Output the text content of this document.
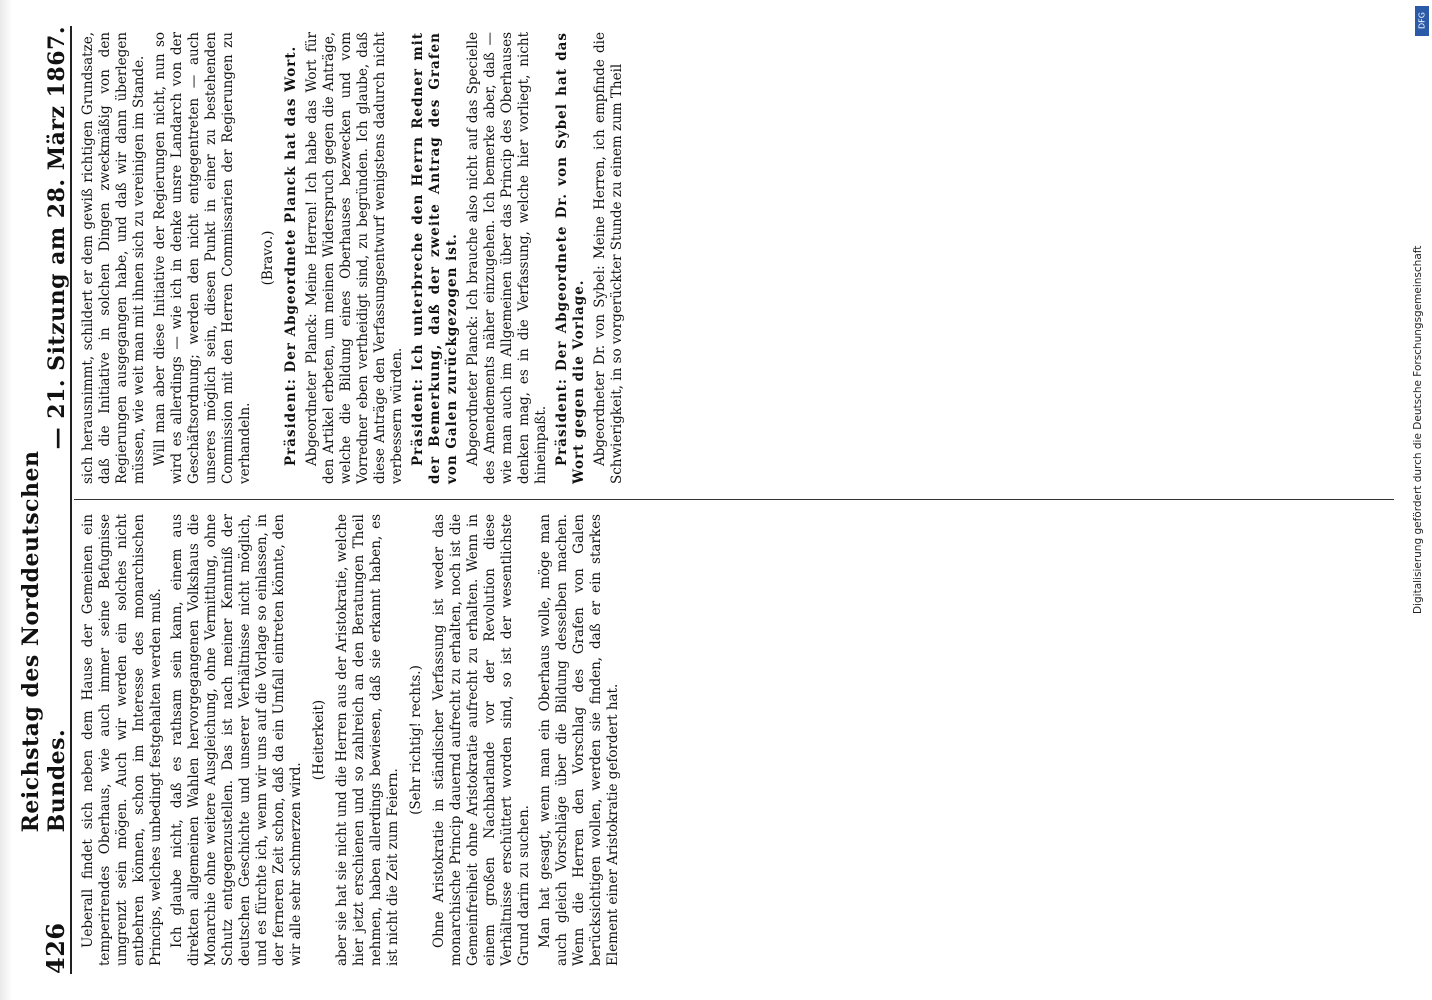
426
Reichstag des Norddeutschen Bundes.
— 21. Sitzung am 28. März 1867.

Ueberall findet sich neben dem Hause der Gemeinen ein temperirendes Oberhaus, wie auch immer seine Befugnisse umgrenzt sein mögen. Auch wir werden ein solches nicht entbehren können, schon im Interesse des monarchischen Princips, welches unbedingt festgehalten werden muß. Ich glaube nicht, daß es rathsam sein kann, einem aus direkten allgemeinen Wahlen hervorgegangenen Volkshaus die Monarchie ohne weitere Ausgleichung, ohne Vermittlung, ohne Schutz entgegenzustellen. Das ist nach meiner Kenntniß der deutschen Geschichte und unserer Verhältnisse nicht möglich, und es fürchte ich, wenn wir uns auf die Vorlage so einlassen, in der ferneren Zeit schon, daß da ein Umfall eintreten könnte, den wir alle sehr schmerzen wird.

(Heiterkeit) aber sie hat sie nicht und die Herren aus der Aristokratie, welche hier jetzt erschienen und so zahlreich an den Beratungen Theil nehmen, haben allerdings bewiesen, daß sie erkannt haben, es ist nicht die Zeit zum Feiern.

(Sehr richtig! rechts.) Ohne Aristokratie in ständischer Verfassung ist weder das monarchische Princip dauernd aufrecht zu erhalten, noch ist die Gemeinfreiheit ohne Aristokratie aufrecht zu erhalten. Wenn in einem großen Nachbarlande vor der Revolution diese Verhältnisse erschüttert worden sind, so ist der wesentlichste Grund darin zu suchen. Man hat gesagt, wenn man ein Oberhaus wolle, möge man auch gleich Vorschläge über die Bildung desselben machen. Wenn die Herren den Vorschlag des Grafen von Galen berücksichtigen wollen, werden sie finden, daß er ein starkes Element einer Aristokratie gefordert hat.

sich herausnimmt, schildert er dem gewiß richtigen Grundsatze, daß die Initiative in solchen Dingen zweckmäßig von den Regierungen ausgegangen habe, und daß wir dann überlegen müssen, wie weit man mit ihnen sich zu vereinigen im Stande. Will man aber diese Initiative der Regierungen nicht, nun so wird es allerdings — wie ich in denke unsre Landarch von der Geschäftsordnung; werden den nicht entgegentreten — auch unseres möglich sein, diesen Punkt in einer zu bestehenden Commission mit den Herren Commissarien der Regierungen zu verhandeln.

(Bravo.) Präsident: Der Abgeordnete Planck hat das Wort. Abgeordneter Planck: Meine Herren! Ich habe das Wort für den Artikel erbeten, um meinen Widerspruch gegen die Anträge, welche die Bildung eines Oberhauses bezwecken und vom Vorredner eben vertheidigt sind, zu begründen. Ich glaube, daß diese Anträge den Verfassungsentwurf wenigstens dadurch nicht verbessern würden. Präsident: Ich unterbreche den Herrn Redner mit der Bemerkung, daß der zweite Antrag des Grafen von Galen zurückgezogen ist. Abgeordneter Planck: Ich brauche also nicht auf das Specielle des Amendements näher einzugehen. Ich bemerke aber, daß — wie man auch im Allgemeinen über das Princip des Oberhauses denken mag, es in die Verfassung, welche hier vorliegt, nicht hineinpaßt. Präsident: Der Abgeordnete Dr. von Sybel hat das Wort gegen die Vorlage. Abgeordneter Dr. von Sybel: Meine Herren, ich empfinde die Schwierigkeit, in so vorgerückter Stunde zu einem zum Theil

DFG
Digitalisierung gefördert durch die Deutsche Forschungsgemeinschaft
